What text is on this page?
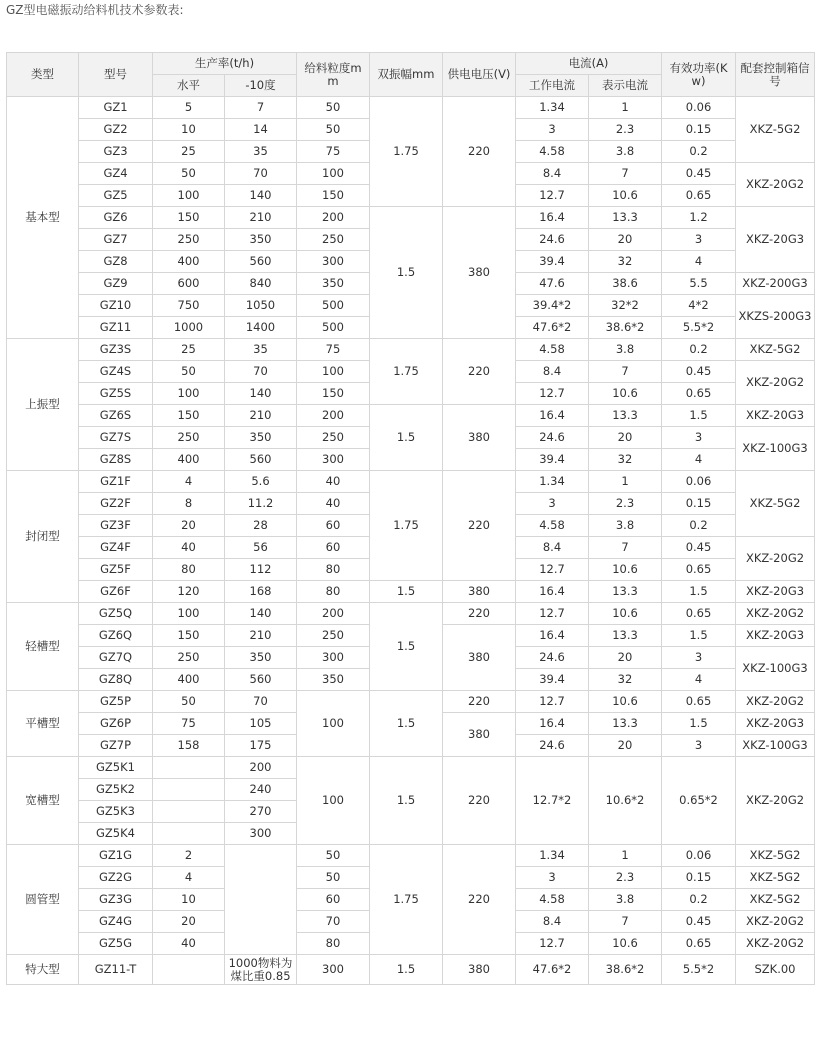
GZ型电磁振动给料机技术参数表:
类型	型号	生产率(t/h)		给料粒度mm	双振幅mm	供电电压(V)	电流(A)		有效功率(Kw)	配套控制箱信号
		水平	-10度				工作电流	表示电流		
基本型	GZ1	5	7	50	1.75	220	1.34	1	0.06	XKZ-5G2
	GZ2	10	14	50			3	2.3	0.15	
	GZ3	25	35	75			4.58	3.8	0.2	
	GZ4	50	70	100			8.4	7	0.45	XKZ-20G2
	GZ5	100	140	150			12.7	10.6	0.65	
	GZ6	150	210	200	1.5	380	16.4	13.3	1.2	XKZ-20G3
	GZ7	250	350	250			24.6	20	3	
	GZ8	400	560	300			39.4	32	4	
	GZ9	600	840	350			47.6	38.6	5.5	XKZ-200G3
	GZ10	750	1050	500			39.4*2	32*2	4*2	XKZS-200G3
	GZ11	1000	1400	500			47.6*2	38.6*2	5.5*2	
上振型	GZ3S	25	35	75	1.75	220	4.58	3.8	0.2	XKZ-5G2
	GZ4S	50	70	100			8.4	7	0.45	XKZ-20G2
	GZ5S	100	140	150			12.7	10.6	0.65	
	GZ6S	150	210	200	1.5	380	16.4	13.3	1.5	XKZ-20G3
	GZ7S	250	350	250			24.6	20	3	XKZ-100G3
	GZ8S	400	560	300			39.4	32	4	
封闭型	GZ1F	4	5.6	40	1.75	220	1.34	1	0.06	XKZ-5G2
	GZ2F	8	11.2	40			3	2.3	0.15	
	GZ3F	20	28	60			4.58	3.8	0.2	
	GZ4F	40	56	60			8.4	7	0.45	XKZ-20G2
	GZ5F	80	112	80			12.7	10.6	0.65	
	GZ6F	120	168	80	1.5	380	16.4	13.3	1.5	XKZ-20G3
轻槽型	GZ5Q	100	140	200	1.5	220	12.7	10.6	0.65	XKZ-20G2
	GZ6Q	150	210	250		380	16.4	13.3	1.5	XKZ-20G3
	GZ7Q	250	350	300			24.6	20	3	XKZ-100G3
	GZ8Q	400	560	350			39.4	32	4	
平槽型	GZ5P	50	70	100	1.5	220	12.7	10.6	0.65	XKZ-20G2
	GZ6P	75	105			380	16.4	13.3	1.5	XKZ-20G3
	GZ7P	158	175				24.6	20	3	XKZ-100G3
宽槽型	GZ5K1		200	100	1.5	220	12.7*2	10.6*2	0.65*2	XKZ-20G2
	GZ5K2		240							
	GZ5K3		270							
	GZ5K4		300							
圆管型	GZ1G	2		50	1.75	220	1.34	1	0.06	XKZ-5G2
	GZ2G	4		50			3	2.3	0.15	XKZ-5G2
	GZ3G	10		60			4.58	3.8	0.2	XKZ-5G2
	GZ4G	20		70			8.4	7	0.45	XKZ-20G2
	GZ5G	40		80			12.7	10.6	0.65	XKZ-20G2
特大型	GZ11-T		1000物料为煤比重0.85	300	1.5	380	47.6*2	38.6*2	5.5*2	SZK.00
